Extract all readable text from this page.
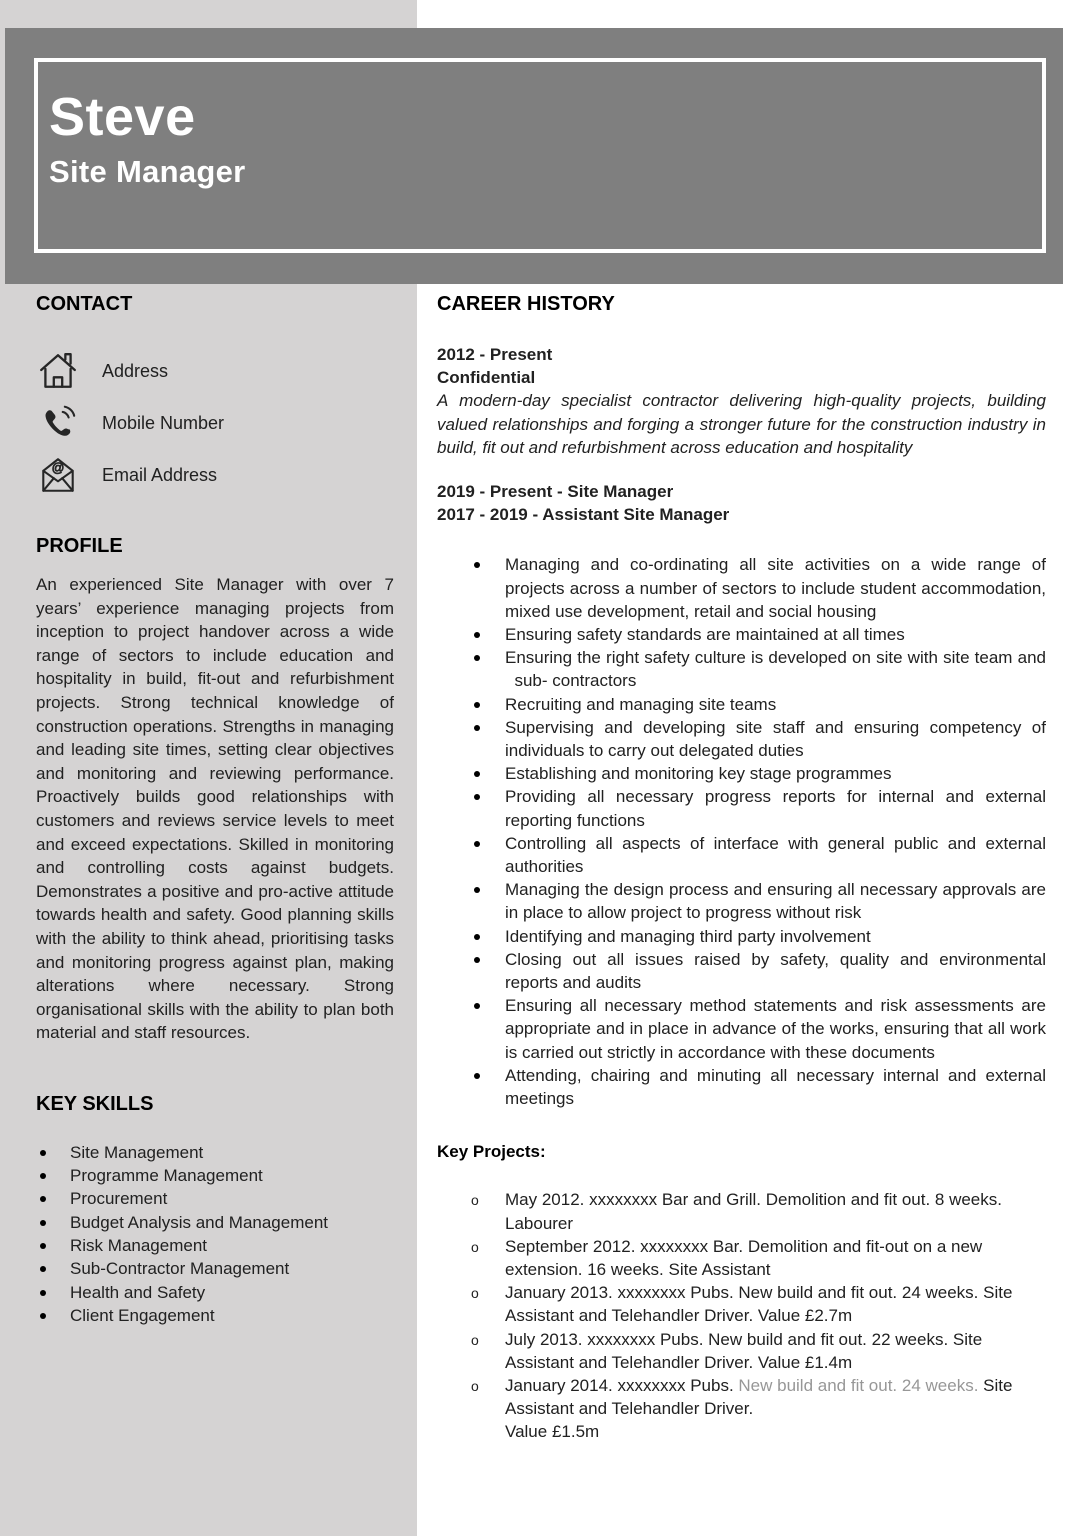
Steve
Site Manager
CONTACT
Address
Mobile Number
@ Email Address
PROFILE

An experienced Site Manager with over 7 years’ experience managing projects from inception to project handover across a wide range of sectors to include education and hospitality in build, fit-out and refurbishment projects. Strong technical knowledge of construction operations. Strengths in managing and leading site times, setting clear objectives and monitoring and reviewing performance. Proactively builds good relationships with customers and reviews service levels to meet and exceed expectations. Skilled in monitoring and controlling costs against budgets. Demonstrates a positive and pro-active attitude towards health and safety. Good planning skills with the ability to think ahead, prioritising tasks and monitoring progress against plan, making alterations where necessary. Strong organisational skills with the ability to plan both material and staff resources.

KEY SKILLS
Site Management
Programme Management
Procurement
Budget Analysis and Management
Risk Management
Sub-Contractor Management
Health and Safety
Client Engagement
CAREER HISTORY

2012 - Present

Confidential

A modern-day specialist contractor delivering high-quality projects, building valued relationships and forging a stronger future for the construction industry in build, fit out and refurbishment across education and hospitality

2019 - Present - Site Manager
2017 - 2019 - Assistant Site Manager
Managing and co-ordinating all site activities on a wide range of projects across a number of sectors to include student accommodation, mixed use development, retail and social housing
Ensuring safety standards are maintained at all times
Ensuring the right safety culture is developed on site with site team and   sub- contractors
Recruiting and managing site teams
Supervising and developing site staff and ensuring competency of individuals to carry out delegated duties
Establishing and monitoring key stage programmes
Providing all necessary progress reports for internal and external reporting functions
Controlling all aspects of interface with general public and external authorities
Managing the design process and ensuring all necessary approvals are in place to allow project to progress without risk
Identifying and managing third party involvement
Closing out all issues raised by safety, quality and environmental reports and audits
Ensuring all necessary method statements and risk assessments are appropriate and in place in advance of the works, ensuring that all work is carried out strictly in accordance with these documents
Attending, chairing and minuting all necessary internal and external meetings
Key Projects:
o May 2012. xxxxxxxx Bar and Grill. Demolition and fit out. 8 weeks. Labourer
o September 2012. xxxxxxxx Bar. Demolition and fit-out on a new extension. 16 weeks. Site Assistant
o January 2013. xxxxxxxx Pubs. New build and fit out. 24 weeks. Site Assistant and Telehandler Driver. Value £2.7m
o July 2013. xxxxxxxx Pubs. New build and fit out. 22 weeks. Site Assistant and Telehandler Driver. Value £1.4m
o January 2014. xxxxxxxx Pubs. New build and fit out. 24 weeks. Site Assistant and Telehandler Driver.
Value £1.5m
